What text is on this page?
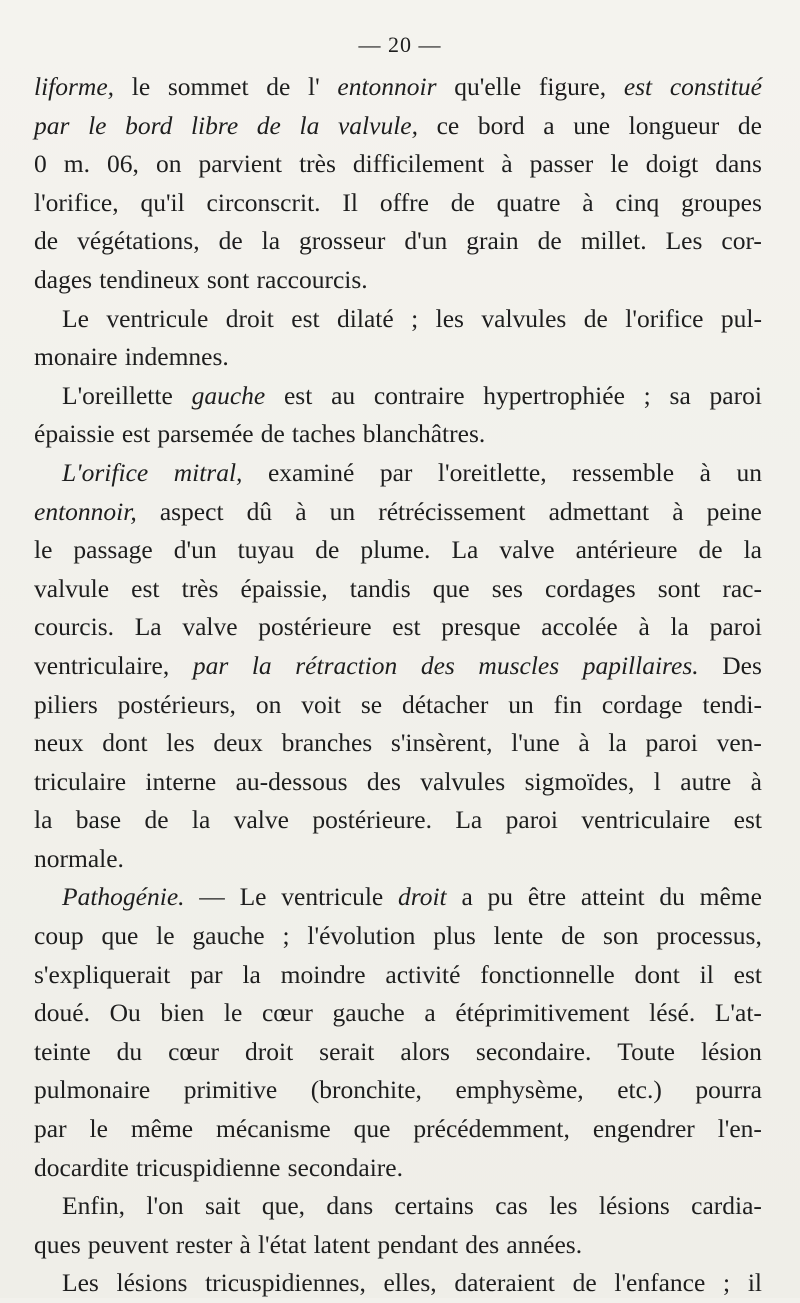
— 20 —
liforme, le sommet de l' entonnoir qu'elle figure, est constitué
par le bord libre de la valvule, ce bord a une longueur de
0 m. 06, on parvient très difficilement à passer le doigt dans
l'orifice, qu'il circonscrit. Il offre de quatre à cinq groupes
de végétations, de la grosseur d'un grain de millet. Les cor-
dages tendineux sont raccourcis.
Le ventricule droit est dilaté ; les valvules de l'orifice pul-
monaire indemnes.
L'oreillette gauche est au contraire hypertrophiée ; sa paroi
épaissie est parsemée de taches blanchâtres.
L'orifice mitral, examiné par l'oreitlette, ressemble à un
entonnoir, aspect dû à un rétrécissement admettant à peine
le passage d'un tuyau de plume. La valve antérieure de la
valvule est très épaissie, tandis que ses cordages sont rac-
courcis. La valve postérieure est presque accolée à la paroi
ventriculaire, par la rétraction des muscles papillaires. Des
piliers postérieurs, on voit se détacher un fin cordage tendi-
neux dont les deux branches s'insèrent, l'une à la paroi ven-
triculaire interne au-dessous des valvules sigmoïdes, l autre à
la base de la valve postérieure. La paroi ventriculaire est
normale.
Pathogénie. — Le ventricule droit a pu être atteint du même
coup que le gauche ; l'évolution plus lente de son processus,
s'expliquerait par la moindre activité fonctionnelle dont il est
doué. Ou bien le cœur gauche a étéprimitivement lésé. L'at-
teinte du cœur droit serait alors secondaire. Toute lésion
pulmonaire primitive (bronchite, emphysème, etc.) pourra
par le même mécanisme que précédemment, engendrer l'en-
docardite tricuspidienne secondaire.
Enfin, l'on sait que, dans certains cas les lésions cardia-
ques peuvent rester à l'état latent pendant des années.
Les lésions tricuspidiennes, elles, dateraient de l'enfance ; il
